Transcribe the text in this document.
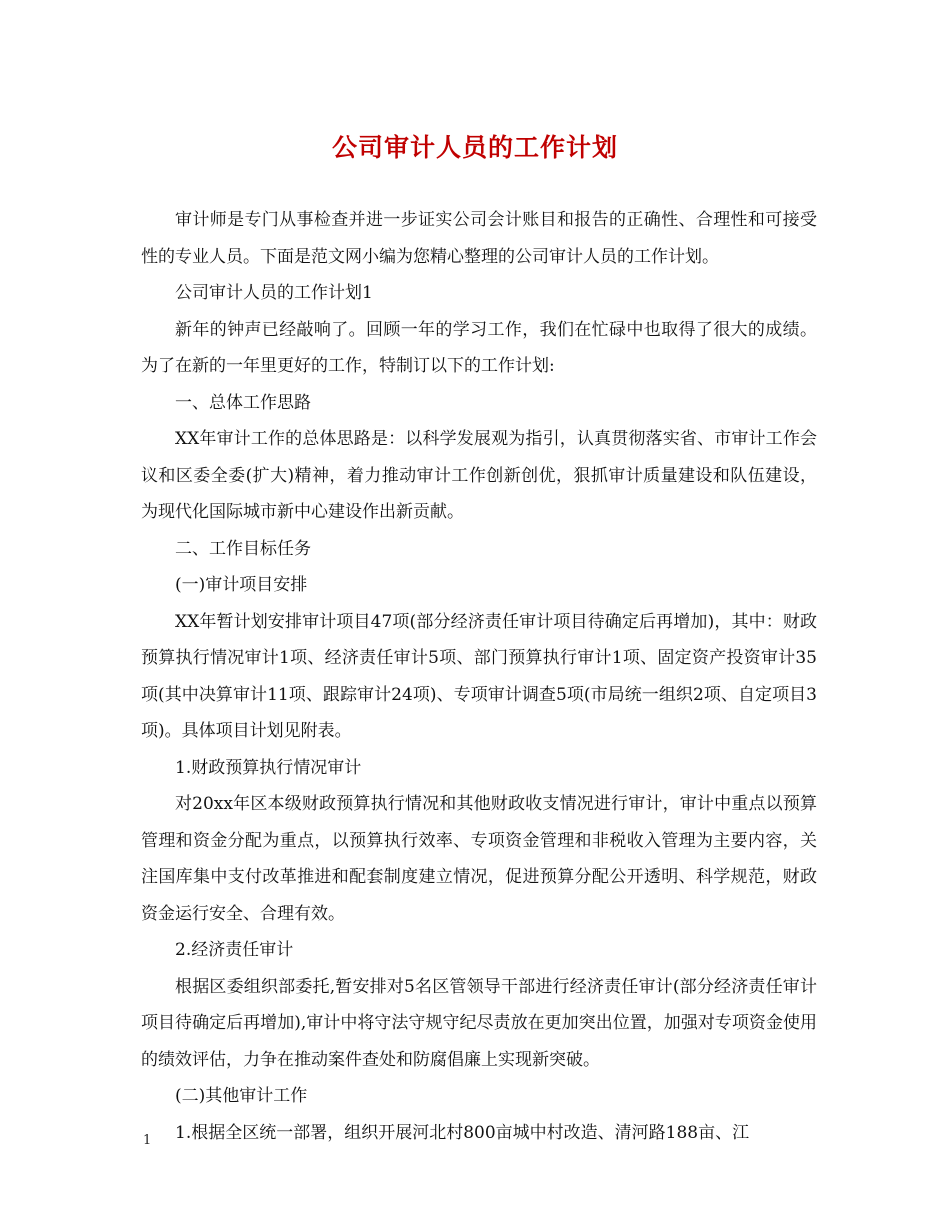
公司审计人员的工作计划

审计师是专门从事检查并进一步证实公司会计账目和报告的正确性、合理性和可接受性的专业人员。下面是范文网小编为您精心整理的公司审计人员的工作计划。

公司审计人员的工作计划1

新年的钟声已经敲响了。回顾一年的学习工作，我们在忙碌中也取得了很大的成绩。为了在新的一年里更好的工作，特制订以下的工作计划:

一、总体工作思路

XX年审计工作的总体思路是：以科学发展观为指引，认真贯彻落实省、市审计工作会议和区委全委(扩大)精神，着力推动审计工作创新创优，狠抓审计质量建设和队伍建设，为现代化国际城市新中心建设作出新贡献。

二、工作目标任务

(一)审计项目安排

XX年暂计划安排审计项目47项(部分经济责任审计项目待确定后再增加)，其中：财政预算执行情况审计1项、经济责任审计5项、部门预算执行审计1项、固定资产投资审计35项(其中决算审计11项、跟踪审计24项)、专项审计调查5项(市局统一组织2项、自定项目3项)。具体项目计划见附表。

1.财政预算执行情况审计

对20xx年区本级财政预算执行情况和其他财政收支情况进行审计，审计中重点以预算管理和资金分配为重点，以预算执行效率、专项资金管理和非税收入管理为主要内容，关注国库集中支付改革推进和配套制度建立情况，促进预算分配公开透明、科学规范，财政资金运行安全、合理有效。

2.经济责任审计

根据区委组织部委托,暂安排对5名区管领导干部进行经济责任审计(部分经济责任审计项目待确定后再增加),审计中将守法守规守纪尽责放在更加突出位置，加强对专项资金使用的绩效评估，力争在推动案件查处和防腐倡廉上实现新突破。

(二)其他审计工作

1.根据全区统一部署，组织开展河北村800亩城中村改造、清河路188亩、江

1
